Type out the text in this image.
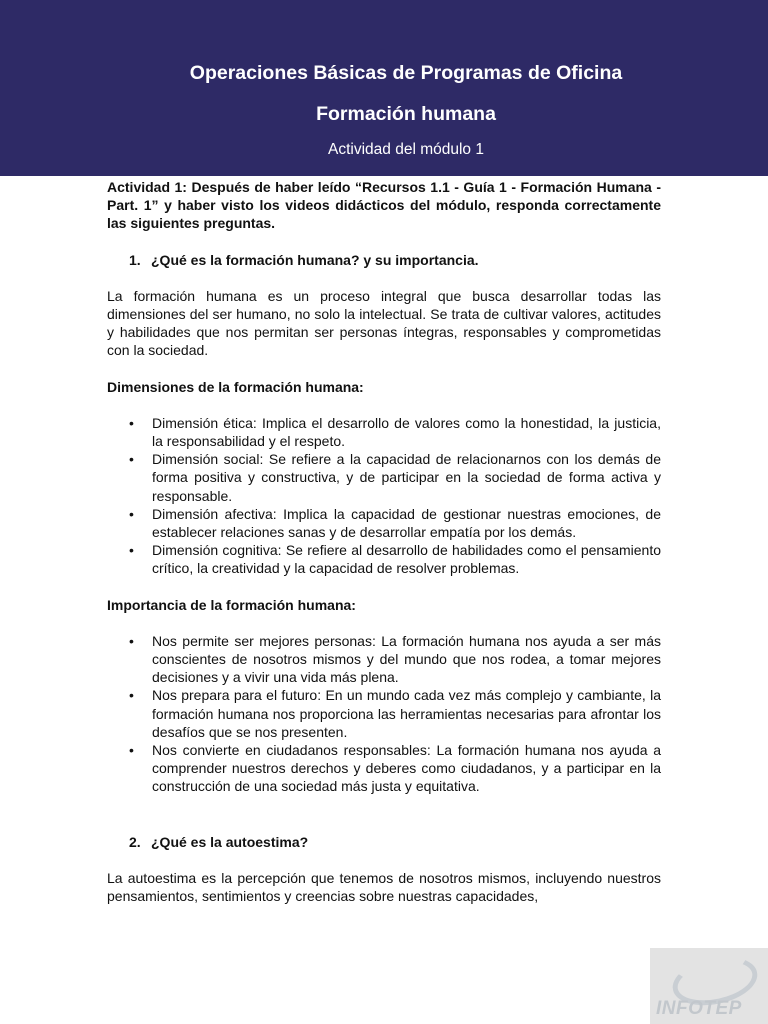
Operaciones Básicas de Programas de Oficina
Formación humana
Actividad del módulo 1

Actividad 1: Después de haber leído “Recursos 1.1 - Guía 1 - Formación Humana - Part. 1” y haber visto los videos didácticos del módulo, responda correctamente las siguientes preguntas.

1. ¿Qué es la formación humana? y su importancia.

La formación humana es un proceso integral que busca desarrollar todas las dimensiones del ser humano, no solo la intelectual. Se trata de cultivar valores, actitudes y habilidades que nos permitan ser personas íntegras, responsables y comprometidas con la sociedad.

Dimensiones de la formación humana:

• Dimensión ética: Implica el desarrollo de valores como la honestidad, la justicia, la responsabilidad y el respeto.
• Dimensión social: Se refiere a la capacidad de relacionarnos con los demás de forma positiva y constructiva, y de participar en la sociedad de forma activa y responsable.
• Dimensión afectiva: Implica la capacidad de gestionar nuestras emociones, de establecer relaciones sanas y de desarrollar empatía por los demás.
• Dimensión cognitiva: Se refiere al desarrollo de habilidades como el pensamiento crítico, la creatividad y la capacidad de resolver problemas.

Importancia de la formación humana:

• Nos permite ser mejores personas: La formación humana nos ayuda a ser más conscientes de nosotros mismos y del mundo que nos rodea, a tomar mejores decisiones y a vivir una vida más plena.
• Nos prepara para el futuro: En un mundo cada vez más complejo y cambiante, la formación humana nos proporciona las herramientas necesarias para afrontar los desafíos que se nos presenten.
• Nos convierte en ciudadanos responsables: La formación humana nos ayuda a comprender nuestros derechos y deberes como ciudadanos, y a participar en la construcción de una sociedad más justa y equitativa.
2. ¿Qué es la autoestima?

La autoestima es la percepción que tenemos de nosotros mismos, incluyendo nuestros pensamientos, sentimientos y creencias sobre nuestras capacidades,

INFOTEP
